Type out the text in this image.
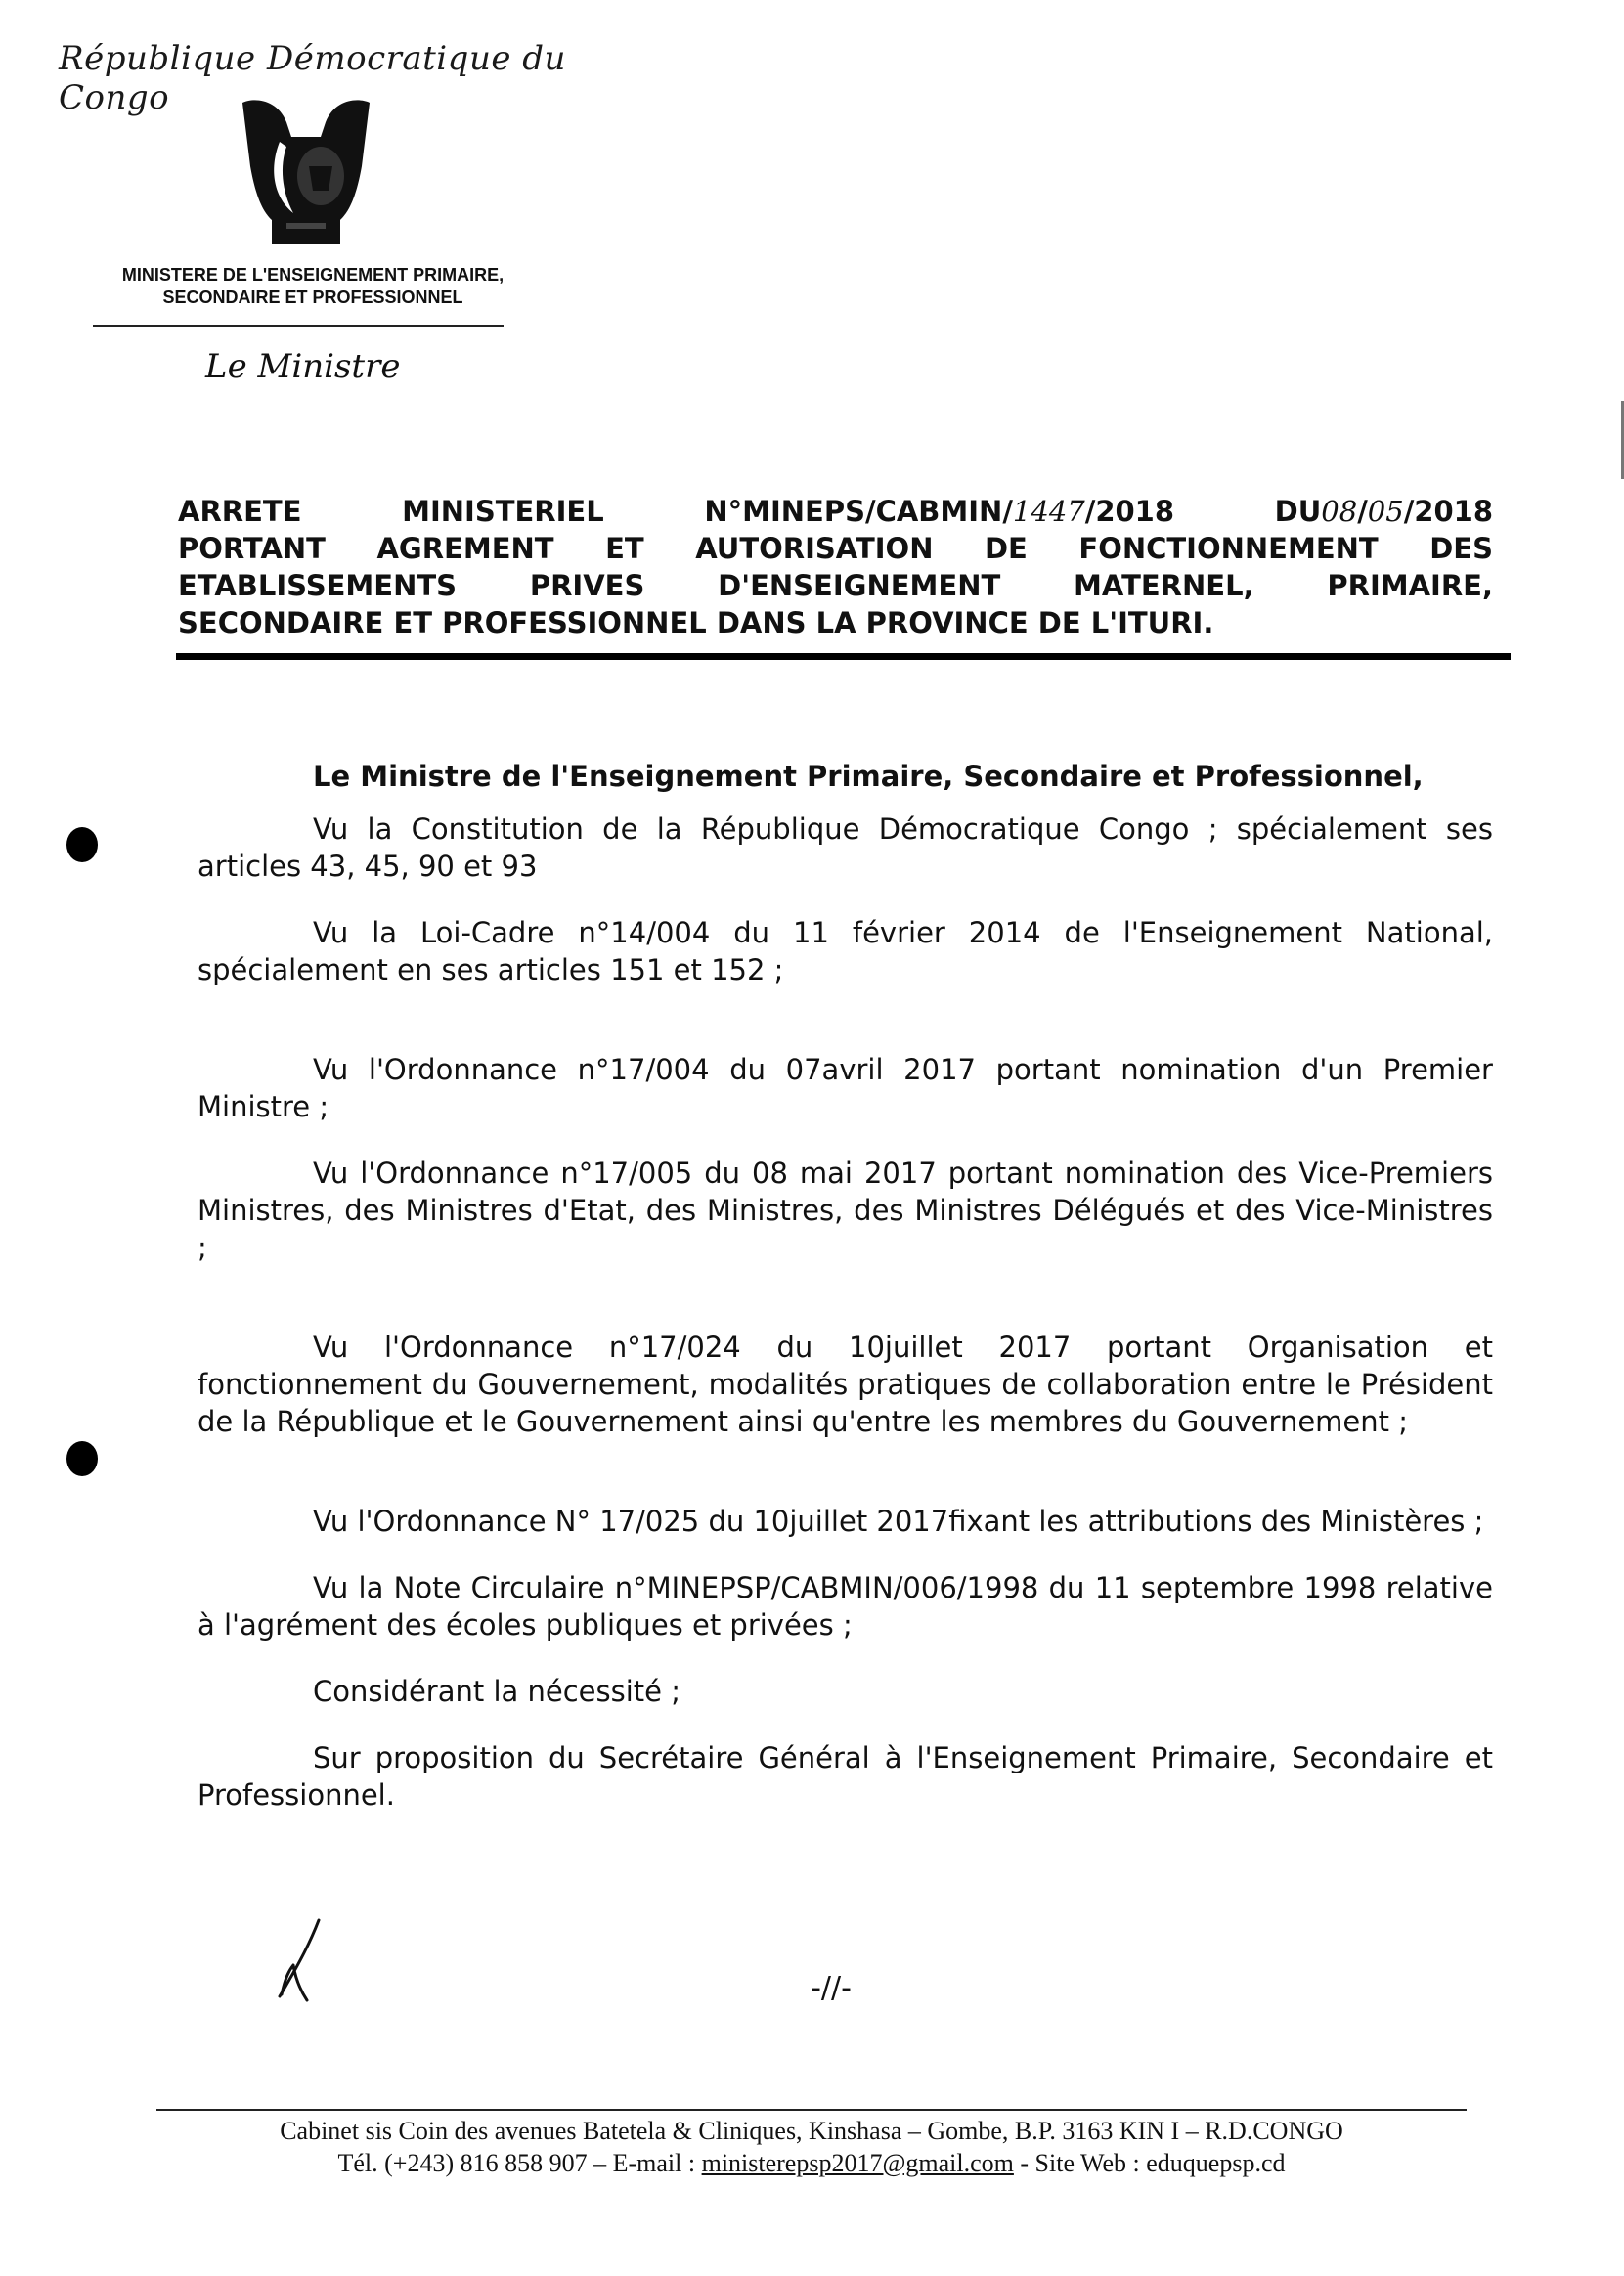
République Démocratique du Congo
MINISTERE DE L'ENSEIGNEMENT PRIMAIRE,
SECONDAIRE ET PROFESSIONNEL
Le Ministre
ARRETE MINISTERIEL N°MINEPS/CABMIN/1447/2018 DU08/05/2018
PORTANT AGREMENT ET AUTORISATION DE FONCTIONNEMENT DES
ETABLISSEMENTS PRIVES D'ENSEIGNEMENT MATERNEL, PRIMAIRE,
SECONDAIRE ET PROFESSIONNEL DANS LA PROVINCE DE L'ITURI.
Le Ministre de l'Enseignement Primaire, Secondaire et Professionnel,

Vu la Constitution de la République Démocratique Congo ; spécialement ses articles 43, 45, 90 et 93

Vu la Loi-Cadre n°14/004 du 11 février 2014 de l'Enseignement National, spécialement en ses articles 151 et 152 ;

Vu l'Ordonnance n°17/004 du 07avril 2017 portant nomination d'un Premier Ministre ;

Vu l'Ordonnance n°17/005 du 08 mai 2017 portant nomination des Vice-Premiers Ministres, des Ministres d'Etat, des Ministres, des Ministres Délégués et des Vice-Ministres ;

Vu l'Ordonnance n°17/024 du 10juillet 2017 portant Organisation et fonctionnement du Gouvernement, modalités pratiques de collaboration entre le Président de la République et le Gouvernement ainsi qu'entre les membres du Gouvernement ;

Vu l'Ordonnance N° 17/025 du 10juillet 2017fixant les attributions des Ministères ;

Vu la Note Circulaire n°MINEPSP/CABMIN/006/1998 du 11 septembre 1998 relative à l'agrément des écoles publiques et privées ;

Considérant la nécessité ;

Sur proposition du Secrétaire Général à l'Enseignement Primaire, Secondaire et Professionnel.

-//-
Cabinet sis Coin des avenues Batetela & Cliniques, Kinshasa – Gombe, B.P. 3163 KIN I – R.D.CONGO
Tél. (+243) 816 858 907 – E-mail : ministerepsp2017@gmail.com - Site Web : eduquepsp.cd
